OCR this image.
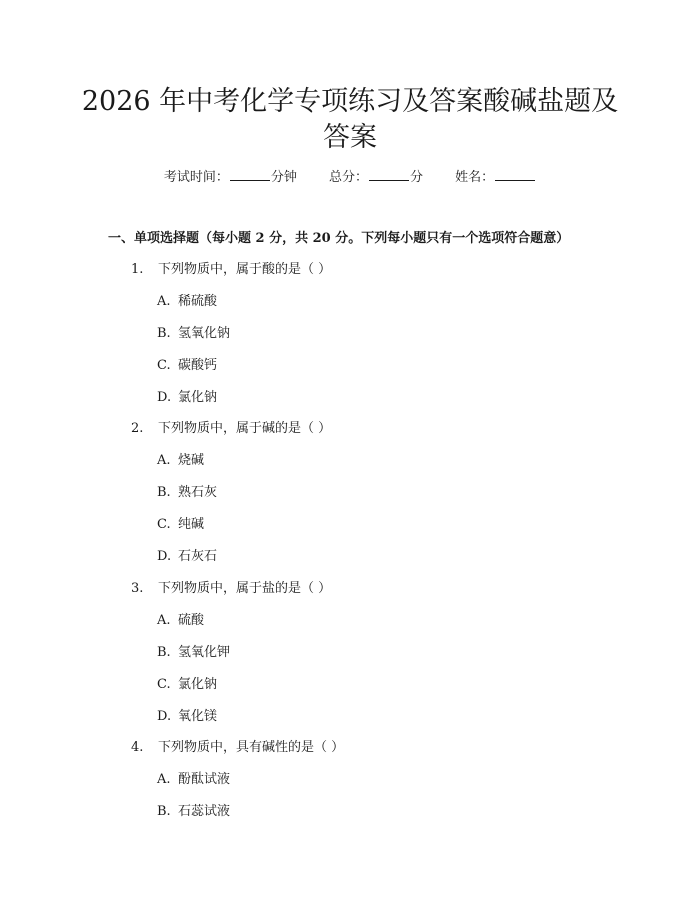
2026 年中考化学专项练习及答案酸碱盐题及
答案
考试时间：	分钟 总分：	分 姓名：
一、单项选择题（每小题 2 分，共 20 分。下列每小题只有一个选项符合题意）
1. 下列物质中，属于酸的是（ ）
A. 稀硫酸
B. 氢氧化钠
C. 碳酸钙
D. 氯化钠
2. 下列物质中，属于碱的是（ ）
A. 烧碱
B. 熟石灰
C. 纯碱
D. 石灰石
3. 下列物质中，属于盐的是（ ）
A. 硫酸
B. 氢氧化钾
C. 氯化钠
D. 氧化镁
4. 下列物质中，具有碱性的是（ ）
A. 酚酞试液
B. 石蕊试液
